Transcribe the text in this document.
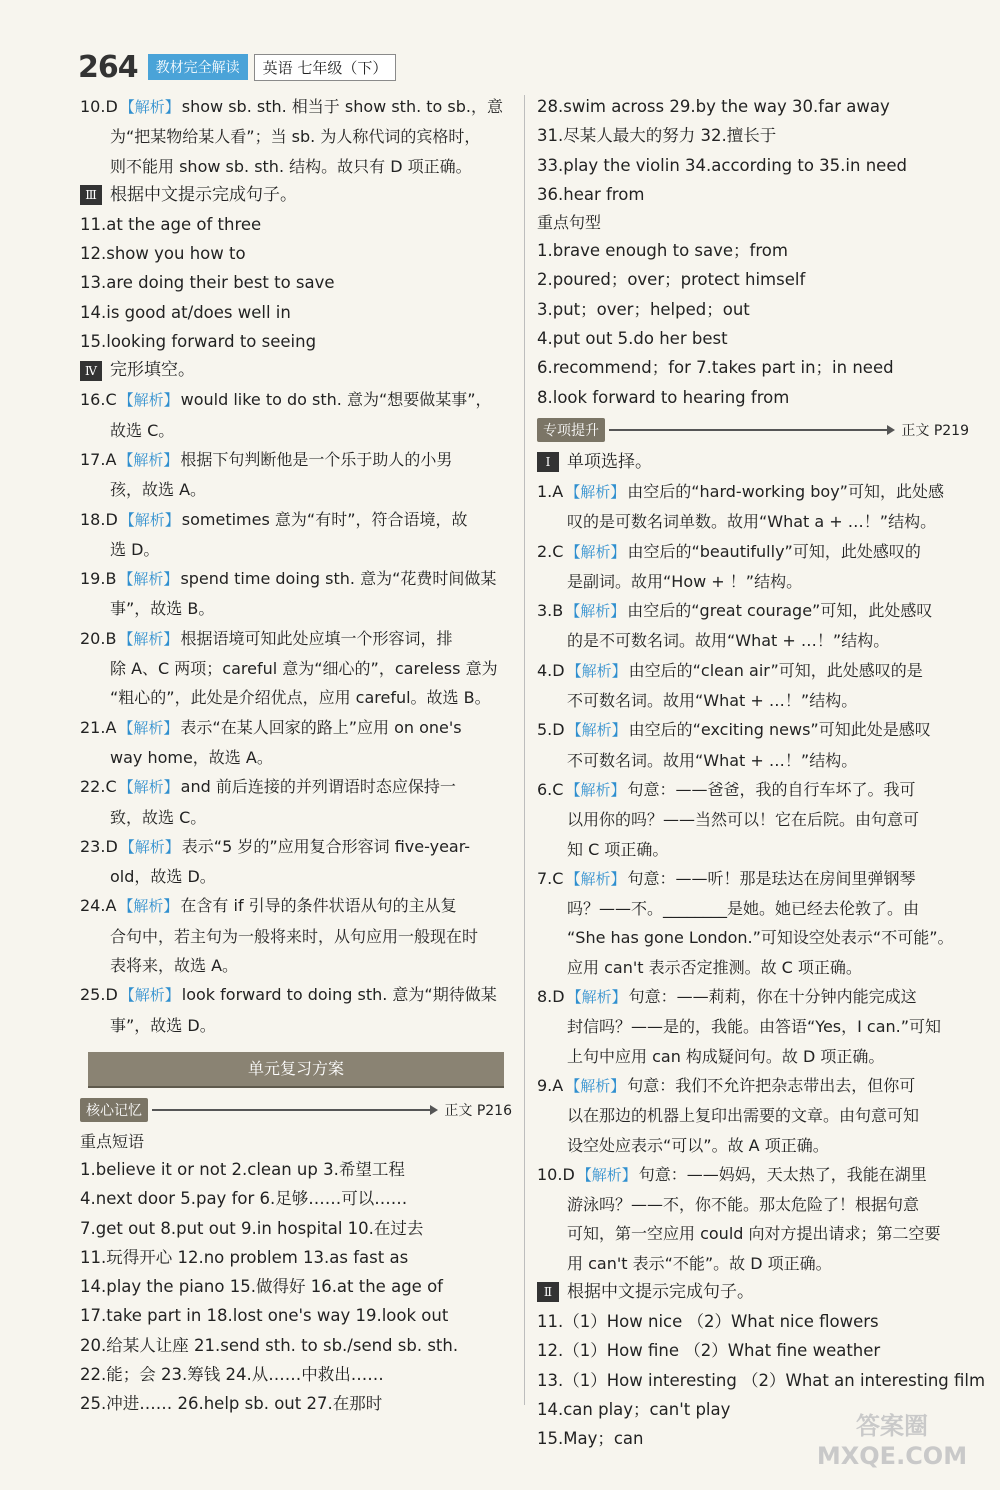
264	教材完全解读	英语 七年级（下）
10.D 【解析】 show sb. sth. 相当于 show sth. to sb.，意
为“把某物给某人看”；当 sb. 为人称代词的宾格时，
则不能用 show sb. sth. 结构。故只有 D 项正确。
Ⅲ 根据中文提示完成句子。
11.at the age of three
12.show you how to
13.are doing their best to save
14.is good at/does well in
15.looking forward to seeing
Ⅳ 完形填空。
16.C 【解析】 would like to do sth. 意为“想要做某事”，
故选 C。
17.A 【解析】 根据下句判断他是一个乐于助人的小男
孩，故选 A。
18.D 【解析】 sometimes 意为“有时”，符合语境，故
选 D。
19.B 【解析】 spend time doing sth. 意为“花费时间做某
事”，故选 B。
20.B 【解析】 根据语境可知此处应填一个形容词，排
除 A、C 两项；careful 意为“细心的”，careless 意为
“粗心的”，此处是介绍优点，应用 careful。故选 B。
21.A 【解析】 表示“在某人回家的路上”应用 on one's
way home，故选 A。
22.C 【解析】 and 前后连接的并列谓语时态应保持一
致，故选 C。
23.D 【解析】 表示“5 岁的”应用复合形容词 five-year-
old，故选 D。
24.A 【解析】 在含有 if 引导的条件状语从句的主从复
合句中，若主句为一般将来时，从句应用一般现在时
表将来，故选 A。
25.D 【解析】 look forward to doing sth. 意为“期待做某
事”，故选 D。
单元复习方案
核心记忆	正文 P216
重点短语
1.believe it or not 2.clean up 3.希望工程
4.next door 5.pay for 6.足够……可以……
7.get out 8.put out 9.in hospital 10.在过去
11.玩得开心 12.no problem 13.as fast as
14.play the piano 15.做得好 16.at the age of
17.take part in 18.lost one's way 19.look out
20.给某人让座 21.send sth. to sb./send sb. sth.
22.能；会 23.筹钱 24.从……中救出……
25.冲进…… 26.help sb. out 27.在那时
28.swim across 29.by the way 30.far away
31.尽某人最大的努力 32.擅长于
33.play the violin 34.according to 35.in need
36.hear from
重点句型
1.brave enough to save；from
2.poured；over；protect himself
3.put；over；helped；out
4.put out 5.do her best
6.recommend；for 7.takes part in；in need
8.look forward to hearing from
专项提升	正文 P219
Ⅰ 单项选择。
1.A 【解析】 由空后的“hard-working boy”可知，此处感
叹的是可数名词单数。故用“What a + …！”结构。
2.C 【解析】 由空后的“beautifully”可知，此处感叹的
是副词。故用“How + ！”结构。
3.B 【解析】 由空后的“great courage”可知，此处感叹
的是不可数名词。故用“What + …！”结构。
4.D 【解析】 由空后的“clean air”可知，此处感叹的是
不可数名词。故用“What + …！”结构。
5.D 【解析】 由空后的“exciting news”可知此处是感叹
不可数名词。故用“What + …！”结构。
6.C 【解析】 句意：——爸爸，我的自行车坏了。我可
以用你的吗？——当然可以！它在后院。由句意可
知 C 项正确。
7.C 【解析】 句意：——听！那是珐达在房间里弹钢琴
吗？——不。________是她。她已经去伦敦了。由
“She has gone London.”可知设空处表示“不可能”。
应用 can't 表示否定推测。故 C 项正确。
8.D 【解析】 句意：——莉莉，你在十分钟内能完成这
封信吗？——是的，我能。由答语“Yes，I can.”可知
上句中应用 can 构成疑问句。故 D 项正确。
9.A 【解析】 句意：我们不允许把杂志带出去，但你可
以在那边的机器上复印出需要的文章。由句意可知
设空处应表示“可以”。故 A 项正确。
10.D 【解析】 句意：——妈妈，天太热了，我能在湖里
游泳吗？——不，你不能。那太危险了！根据句意
可知，第一空应用 could 向对方提出请求；第二空要
用 can't 表示“不能”。故 D 项正确。
Ⅱ 根据中文提示完成句子。
11.（1）How nice （2）What nice flowers
12.（1）How fine （2）What fine weather
13.（1）How interesting （2）What an interesting film
14.can play；can't play
15.May；can	答案圈
MXQE.COM
